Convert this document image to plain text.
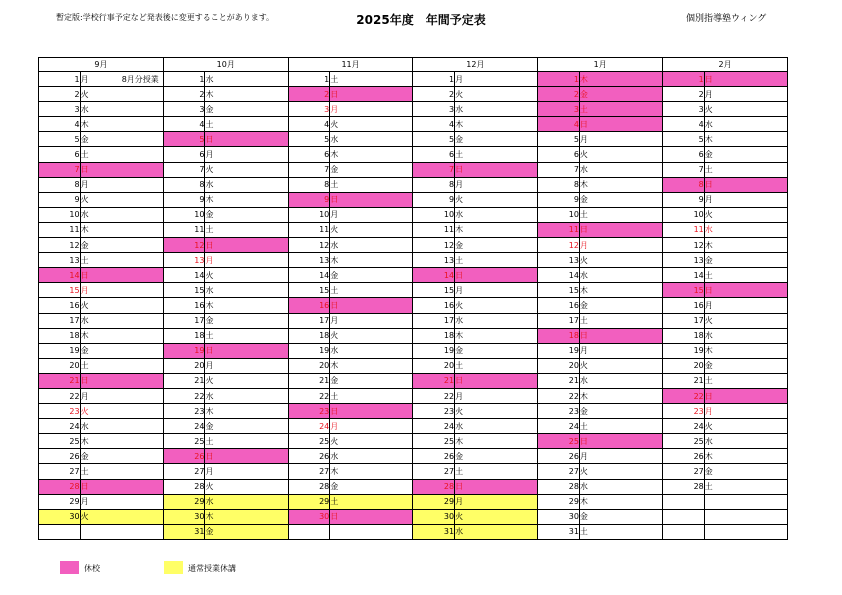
暫定版:学校行事予定など発表後に変更することがあります。	2025年度　年間予定表	個別指導塾ウィング
9月			10月			11月			12月			1月			2月		
1	月	8月分授業	1	水		1	土		1	月		1	木		1	日	
2	火		2	木		2	日		2	火		2	金		2	月	
3	水		3	金		3	月		3	水		3	土		3	火	
4	木		4	土		4	火		4	木		4	日		4	水	
5	金		5	日		5	水		5	金		5	月		5	木	
6	土		6	月		6	木		6	土		6	火		6	金	
7	日		7	火		7	金		7	日		7	水		7	土	
8	月		8	水		8	土		8	月		8	木		8	日	
9	火		9	木		9	日		9	火		9	金		9	月	
10	水		10	金		10	月		10	水		10	土		10	火	
11	木		11	土		11	火		11	木		11	日		11	水	
12	金		12	日		12	水		12	金		12	月		12	木	
13	土		13	月		13	木		13	土		13	火		13	金	
14	日		14	火		14	金		14	日		14	水		14	土	
15	月		15	水		15	土		15	月		15	木		15	日	
16	火		16	木		16	日		16	火		16	金		16	月	
17	水		17	金		17	月		17	水		17	土		17	火	
18	木		18	土		18	火		18	木		18	日		18	水	
19	金		19	日		19	水		19	金		19	月		19	木	
20	土		20	月		20	木		20	土		20	火		20	金	
21	日		21	火		21	金		21	日		21	水		21	土	
22	月		22	水		22	土		22	月		22	木		22	日	
23	火		23	木		23	日		23	火		23	金		23	月	
24	水		24	金		24	月		24	水		24	土		24	火	
25	木		25	土		25	火		25	木		25	日		25	水	
26	金		26	日		26	水		26	金		26	月		26	木	
27	土		27	月		27	木		27	土		27	火		27	金	
28	日		28	火		28	金		28	日		28	水		28	土	
29	月		29	水		29	土		29	月		29	木				
30	火		30	木		30	日		30	火		30	金				
			31	金					31	水		31	土				
休校	通常授業休講
